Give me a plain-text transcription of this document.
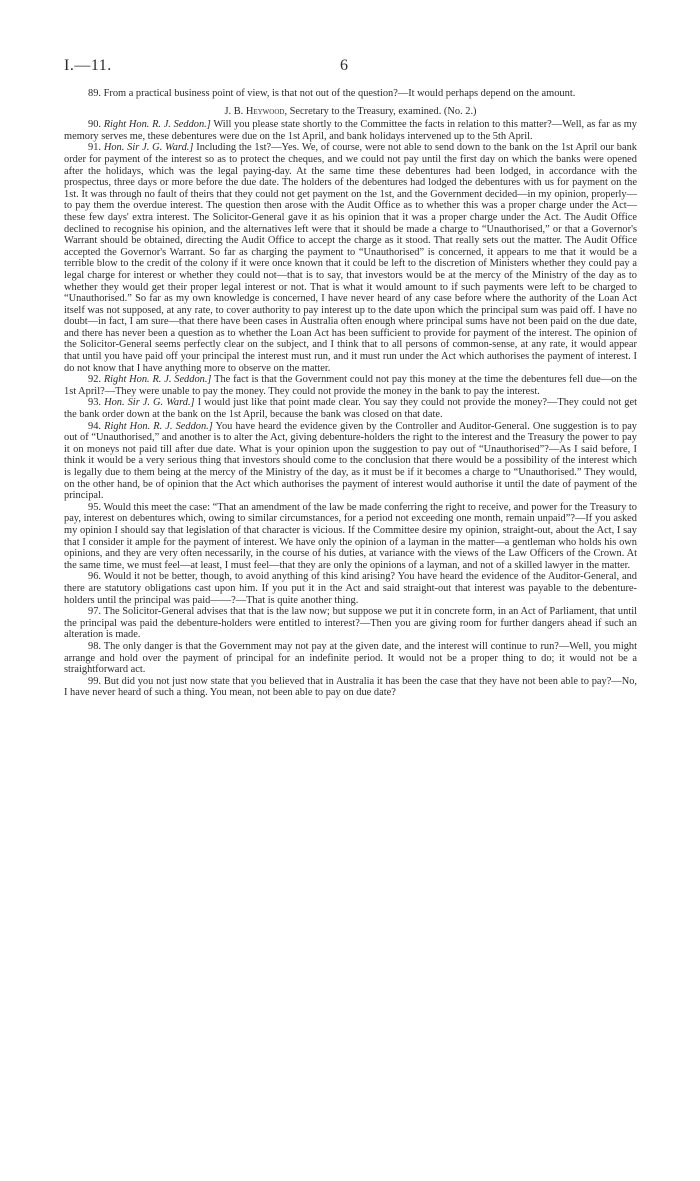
I.—11.	6

89. From a practical business point of view, is that not out of the question?—It would perhaps depend on the amount.

J. B. Heywood, Secretary to the Treasury, examined. (No. 2.)

90. Right Hon. R. J. Seddon.] Will you please state shortly to the Committee the facts in relation to this matter?—Well, as far as my memory serves me, these debentures were due on the 1st April, and bank holidays intervened up to the 5th April.

91. Hon. Sir J. G. Ward.] Including the 1st?—Yes. We, of course, were not able to send down to the bank on the 1st April our bank order for payment of the interest so as to protect the cheques, and we could not pay until the first day on which the banks were opened after the holidays, which was the legal paying-day. At the same time these debentures had been lodged, in accordance with the prospectus, three days or more before the due date. The holders of the debentures had lodged the debentures with us for payment on the 1st. It was through no fault of theirs that they could not get payment on the 1st, and the Government decided—in my opinion, properly—to pay them the overdue interest. The question then arose with the Audit Office as to whether this was a proper charge under the Act—these few days' extra interest. The Solicitor-General gave it as his opinion that it was a proper charge under the Act. The Audit Office declined to recognise his opinion, and the alternatives left were that it should be made a charge to “Unauthorised,” or that a Governor's Warrant should be obtained, directing the Audit Office to accept the charge as it stood. That really sets out the matter. The Audit Office accepted the Governor's Warrant. So far as charging the payment to “Unauthorised” is concerned, it appears to me that it would be a terrible blow to the credit of the colony if it were once known that it could be left to the discretion of Ministers whether they could pay a legal charge for interest or whether they could not—that is to say, that investors would be at the mercy of the Ministry of the day as to whether they would get their proper legal interest or not. That is what it would amount to if such payments were left to be charged to “Unauthorised.” So far as my own knowledge is concerned, I have never heard of any case before where the authority of the Loan Act itself was not supposed, at any rate, to cover authority to pay interest up to the date upon which the principal sum was paid off. I have no doubt—in fact, I am sure—that there have been cases in Australia often enough where principal sums have not been paid on the due date, and there has never been a question as to whether the Loan Act has been sufficient to provide for payment of the interest. The opinion of the Solicitor-General seems perfectly clear on the subject, and I think that to all persons of common-sense, at any rate, it would appear that until you have paid off your principal the interest must run, and it must run under the Act which authorises the payment of interest. I do not know that I have anything more to observe on the matter.

92. Right Hon. R. J. Seddon.] The fact is that the Government could not pay this money at the time the debentures fell due—on the 1st April?—They were unable to pay the money. They could not provide the money in the bank to pay the interest.

93. Hon. Sir J. G. Ward.] I would just like that point made clear. You say they could not provide the money?—They could not get the bank order down at the bank on the 1st April, because the bank was closed on that date.

94. Right Hon. R. J. Seddon.] You have heard the evidence given by the Controller and Auditor-General. One suggestion is to pay out of “Unauthorised,” and another is to alter the Act, giving debenture-holders the right to the interest and the Treasury the power to pay it on moneys not paid till after due date. What is your opinion upon the suggestion to pay out of “Unauthorised”?—As I said before, I think it would be a very serious thing that investors should come to the conclusion that there would be a possibility of the interest which is legally due to them being at the mercy of the Ministry of the day, as it must be if it becomes a charge to “Unauthorised.” They would, on the other hand, be of opinion that the Act which authorises the payment of interest would authorise it until the date of payment of the principal.

95. Would this meet the case: “That an amendment of the law be made conferring the right to receive, and power for the Treasury to pay, interest on debentures which, owing to similar circumstances, for a period not exceeding one month, remain unpaid”?—If you asked my opinion I should say that legislation of that character is vicious. If the Committee desire my opinion, straight-out, about the Act, I say that I consider it ample for the payment of interest. We have only the opinion of a layman in the matter—a gentleman who holds his own opinions, and they are very often necessarily, in the course of his duties, at variance with the views of the Law Officers of the Crown. At the same time, we must feel—at least, I must feel—that they are only the opinions of a layman, and not of a skilled lawyer in the matter.

96. Would it not be better, though, to avoid anything of this kind arising? You have heard the evidence of the Auditor-General, and there are statutory obligations cast upon him. If you put it in the Act and said straight-out that interest was payable to the debenture-holders until the principal was paid——?—That is quite another thing.

97. The Solicitor-General advises that that is the law now; but suppose we put it in concrete form, in an Act of Parliament, that until the principal was paid the debenture-holders were entitled to interest?—Then you are giving room for further dangers ahead if such an alteration is made.

98. The only danger is that the Government may not pay at the given date, and the interest will continue to run?—Well, you might arrange and hold over the payment of principal for an indefinite period. It would not be a proper thing to do; it would not be a straightforward act.

99. But did you not just now state that you believed that in Australia it has been the case that they have not been able to pay?—No, I have never heard of such a thing. You mean, not been able to pay on due date?
